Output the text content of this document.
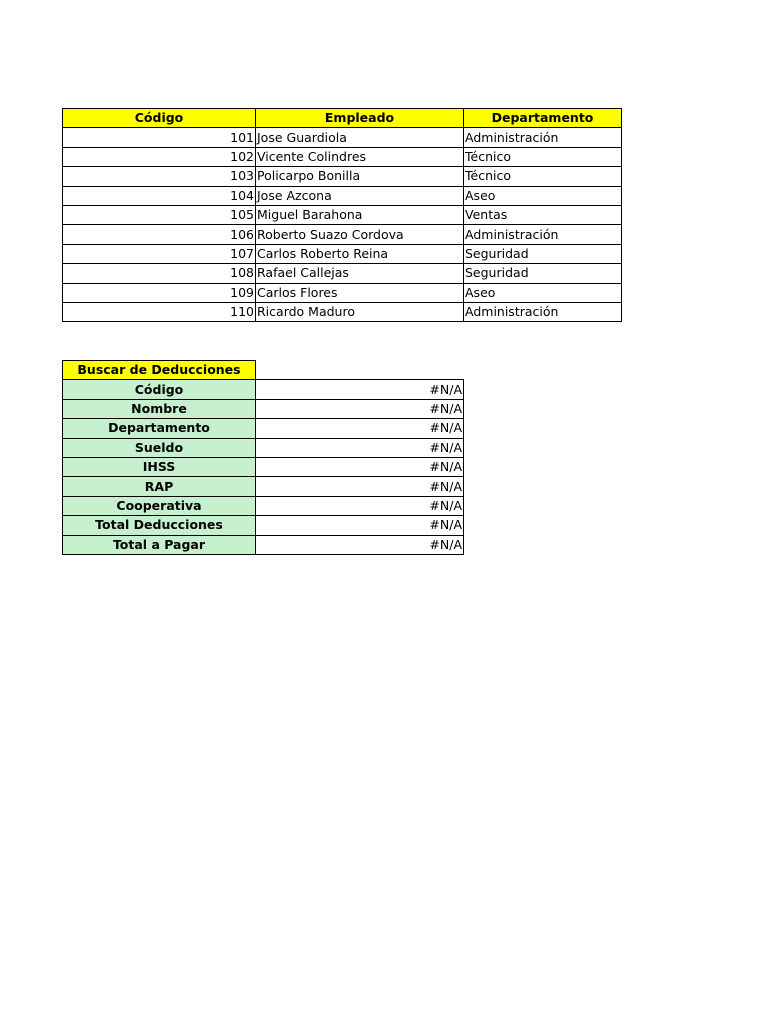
Código	Empleado	Departamento
101	Jose Guardiola	Administración
102	Vicente Colindres	Técnico
103	Policarpo Bonilla	Técnico
104	Jose Azcona	Aseo
105	Miguel Barahona	Ventas
106	Roberto Suazo Cordova	Administración
107	Carlos Roberto Reina	Seguridad
108	Rafael Callejas	Seguridad
109	Carlos Flores	Aseo
110	Ricardo Maduro	Administración
Buscar de Deducciones	
Código	#N/A
Nombre	#N/A
Departamento	#N/A
Sueldo	#N/A
IHSS	#N/A
RAP	#N/A
Cooperativa	#N/A
Total Deducciones	#N/A
Total a Pagar	#N/A
